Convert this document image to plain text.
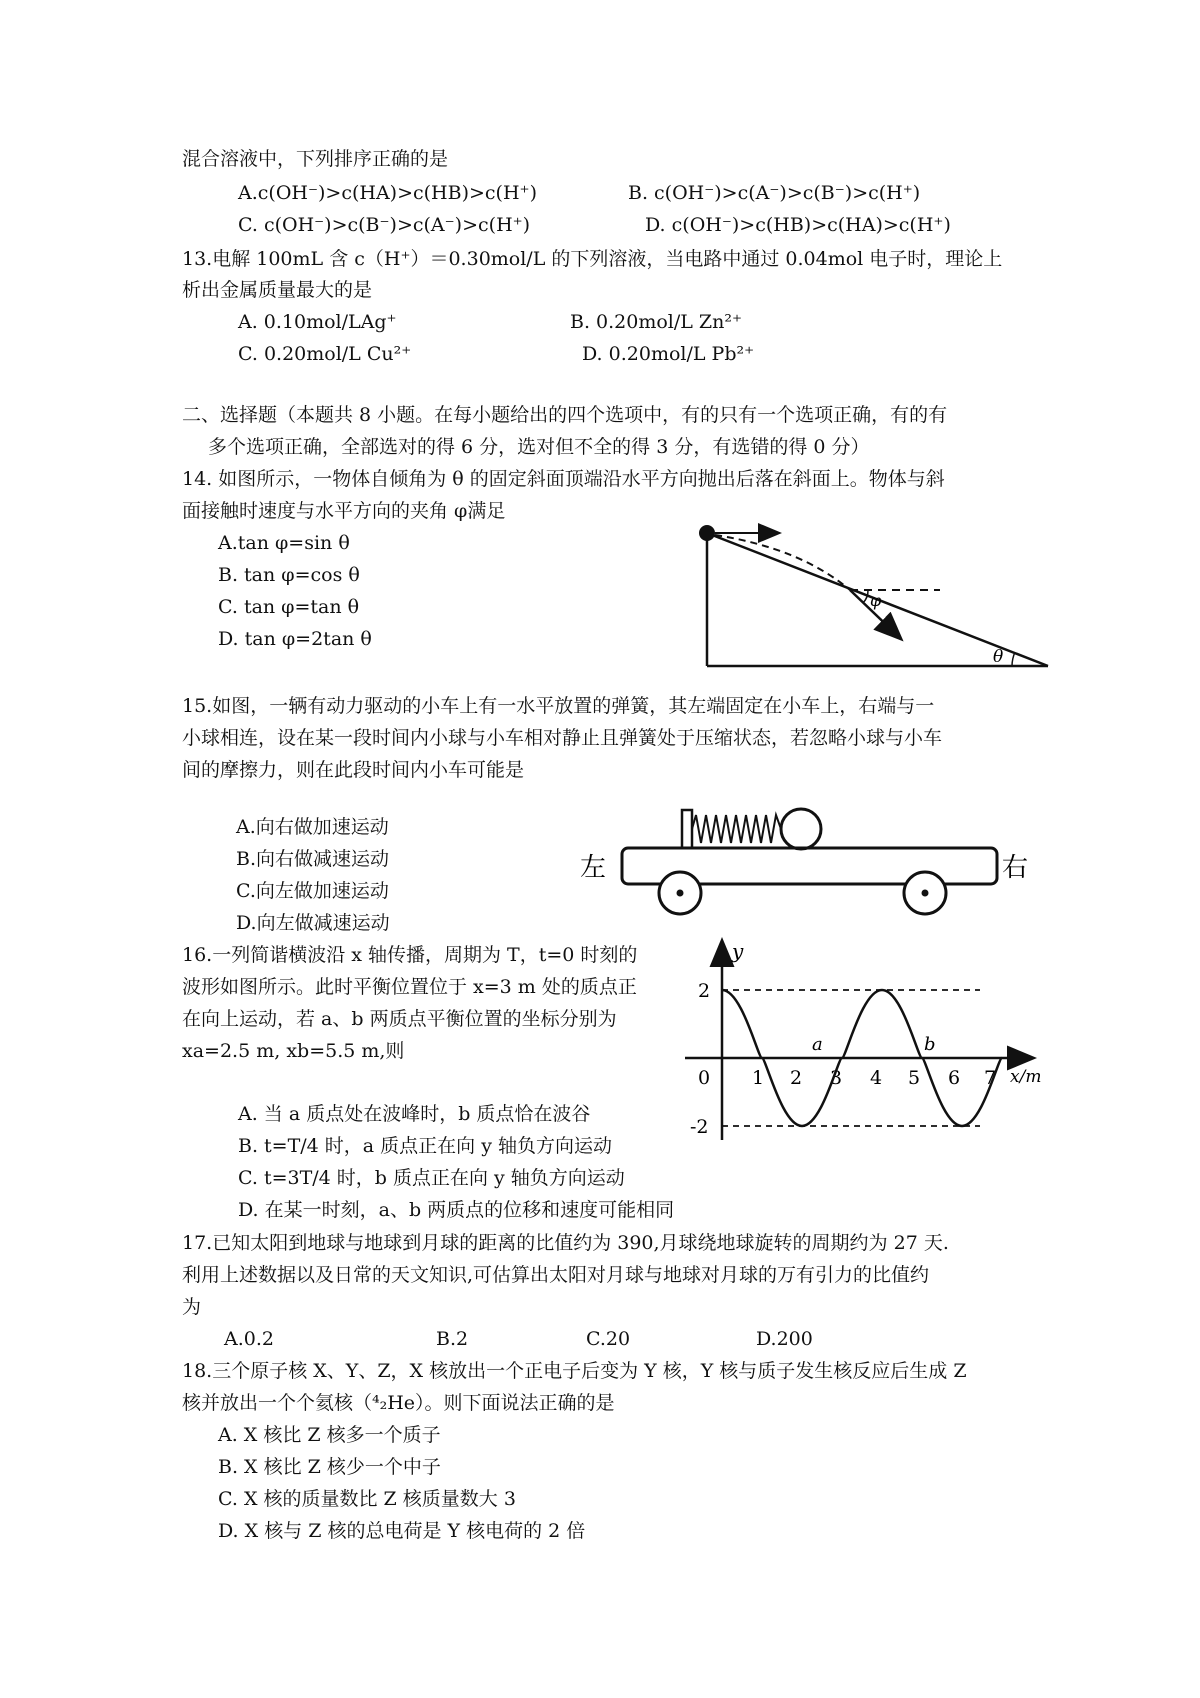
混合溶液中，下列排序正确的是
A.c(OH⁻)>c(HA)>c(HB)>c(H⁺)	B. c(OH⁻)>c(A⁻)>c(B⁻)>c(H⁺)
C. c(OH⁻)>c(B⁻)>c(A⁻)>c(H⁺)	D. c(OH⁻)>c(HB)>c(HA)>c(H⁺)
13.电解 100mL 含 c（H⁺）＝0.30mol/L 的下列溶液，当电路中通过 0.04mol 电子时，理论上
析出金属质量最大的是
A. 0.10mol/LAg⁺	B. 0.20mol/L Zn²⁺
C. 0.20mol/L Cu²⁺	D. 0.20mol/L Pb²⁺
二、选择题（本题共 8 小题。在每小题给出的四个选项中，有的只有一个选项正确，有的有
多个选项正确，全部选对的得 6 分，选对但不全的得 3 分，有选错的得 0 分）
14. 如图所示，一物体自倾角为 θ 的固定斜面顶端沿水平方向抛出后落在斜面上。物体与斜
面接触时速度与水平方向的夹角 φ满足
A.tan φ=sin θ
B. tan φ=cos θ
C. tan φ=tan θ
D. tan φ=2tan θ
φ
θ
15.如图，一辆有动力驱动的小车上有一水平放置的弹簧，其左端固定在小车上，右端与一
小球相连，设在某一段时间内小球与小车相对静止且弹簧处于压缩状态，若忽略小球与小车
间的摩擦力，则在此段时间内小车可能是
A.向右做加速运动
B.向右做减速运动
C.向左做加速运动
D.向左做减速运动
左	右
16.一列简谐横波沿 x 轴传播，周期为 T，t=0 时刻的
波形如图所示。此时平衡位置位于 x=3 m 处的质点正
在向上运动，若 a、b 两质点平衡位置的坐标分别为
xa=2.5 m, xb=5.5 m,则
A. 当 a 质点处在波峰时，b 质点恰在波谷
B. t=T/4 时，a 质点正在向 y 轴负方向运动
C. t=3T/4 时，b 质点正在向 y 轴负方向运动
D. 在某一时刻，a、b 两质点的位移和速度可能相同
y
x/m
2
-2
0 1 2 3 4 5 6 7
a	b
17.已知太阳到地球与地球到月球的距离的比值约为 390,月球绕地球旋转的周期约为 27 天.
利用上述数据以及日常的天文知识,可估算出太阳对月球与地球对月球的万有引力的比值约
为
A.0.2	B.2	C.20	D.200
18.三个原子核 X、Y、Z，X 核放出一个正电子后变为 Y 核，Y 核与质子发生核反应后生成 Z
核并放出一个个氦核（⁴₂He）。则下面说法正确的是
A. X 核比 Z 核多一个质子
B. X 核比 Z 核少一个中子
C. X 核的质量数比 Z 核质量数大 3
D. X 核与 Z 核的总电荷是 Y 核电荷的 2 倍
